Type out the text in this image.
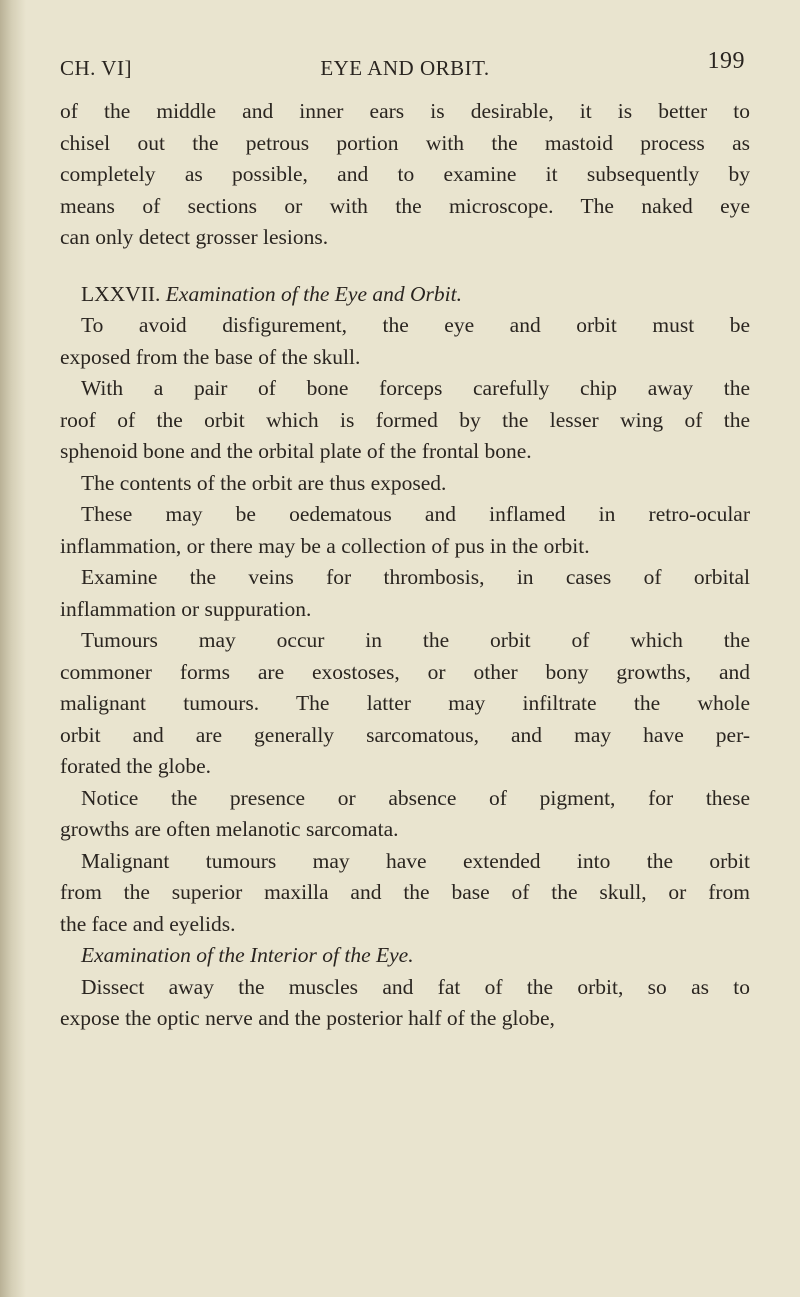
CH. VI]	EYE AND ORBIT.	199
of the middle and inner ears is desirable, it is better to
chisel out the petrous portion with the mastoid process as
completely as possible, and to examine it subsequently by
means of sections or with the microscope. The naked eye
can only detect grosser lesions.
LXXVII. Examination of the Eye and Orbit.
To avoid disfigurement, the eye and orbit must be
exposed from the base of the skull.
With a pair of bone forceps carefully chip away the
roof of the orbit which is formed by the lesser wing of the
sphenoid bone and the orbital plate of the frontal bone.
The contents of the orbit are thus exposed.
These may be oedematous and inflamed in retro-ocular
inflammation, or there may be a collection of pus in the orbit.
Examine the veins for thrombosis, in cases of orbital
inflammation or suppuration.
Tumours may occur in the orbit of which the
commoner forms are exostoses, or other bony growths, and
malignant tumours. The latter may infiltrate the whole
orbit and are generally sarcomatous, and may have per-
forated the globe.
Notice the presence or absence of pigment, for these
growths are often melanotic sarcomata.
Malignant tumours may have extended into the orbit
from the superior maxilla and the base of the skull, or from
the face and eyelids.
Examination of the Interior of the Eye.
Dissect away the muscles and fat of the orbit, so as to
expose the optic nerve and the posterior half of the globe,
